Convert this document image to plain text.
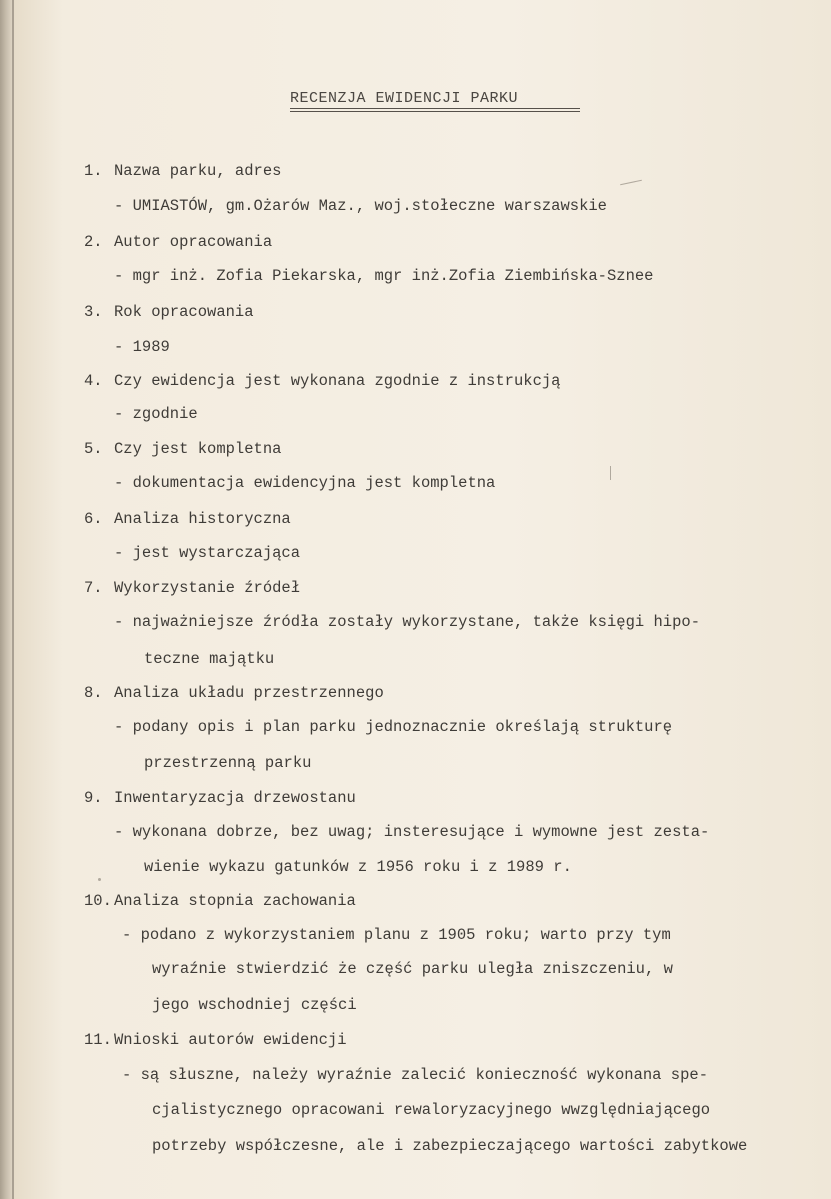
RECENZJA EWIDENCJI PARKU
1. Nazwa parku, adres
- UMIASTÓW, gm.Ożarów Maz., woj.stołeczne warszawskie
2. Autor opracowania
- mgr inż. Zofia Piekarska, mgr inż.Zofia Ziembińska-Sznee
3. Rok opracowania
- 1989
4. Czy ewidencja jest wykonana zgodnie z instrukcją
- zgodnie
5. Czy jest kompletna
- dokumentacja ewidencyjna jest kompletna
6. Analiza historyczna
- jest wystarczająca
7. Wykorzystanie źródeł
- najważniejsze źródła zostały wykorzystane, także księgi hipo-
teczne majątku
8. Analiza układu przestrzennego
- podany opis i plan parku jednoznacznie określają strukturę
przestrzenną parku
9. Inwentaryzacja drzewostanu
- wykonana dobrze, bez uwag; insteresujące i wymowne jest zesta-
wienie wykazu gatunków z 1956 roku i z 1989 r.
10. Analiza stopnia zachowania
- podano z wykorzystaniem planu z 1905 roku; warto przy tym
wyraźnie stwierdzić że część parku uległa zniszczeniu, w
jego wschodniej części
11. Wnioski autorów ewidencji
- są słuszne, należy wyraźnie zalecić konieczność wykonana spe-
cjalistycznego opracowani rewaloryzacyjnego wwzględniającego
potrzeby współczesne, ale i zabezpieczającego wartości zabytkowe
